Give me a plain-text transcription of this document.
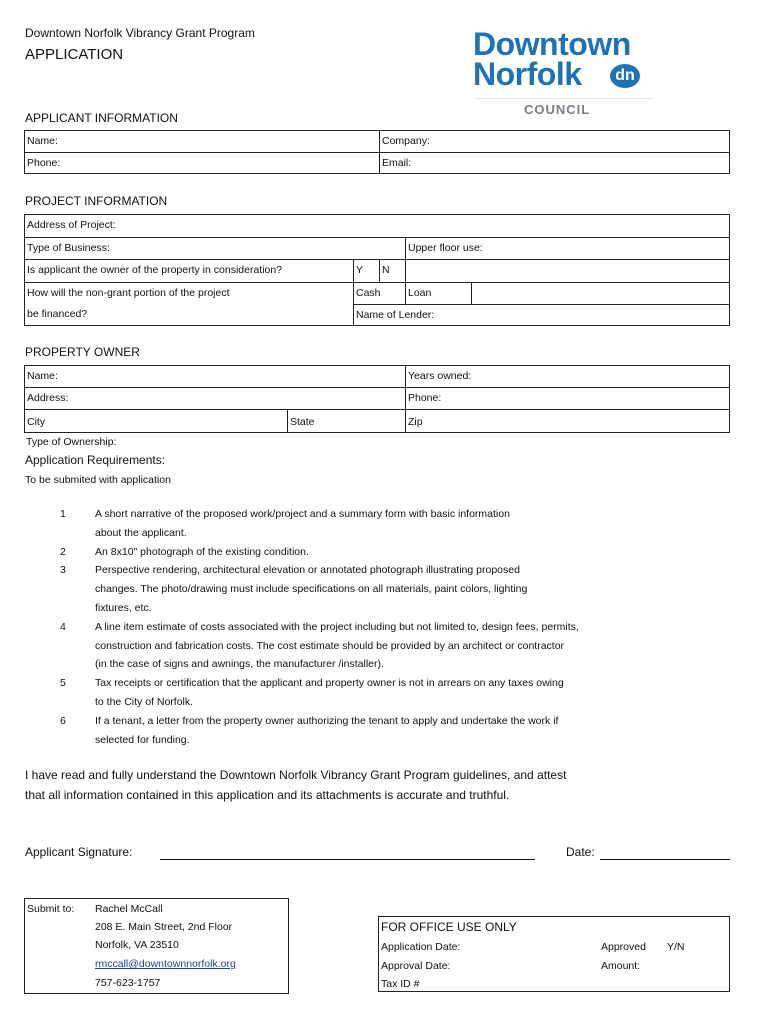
Downtown Norfolk Vibrancy Grant Program
APPLICATION	Downtown
Norfolk	dn
COUNCIL
APPLICANT INFORMATION
Name:	Company:
Phone:	Email:
PROJECT INFORMATION
Address of Project:
Type of Business:	Upper floor use:
Is applicant the owner of the property in consideration?	Y	N
How will the non-grant portion of the project	Cash	Loan
be financed?	Name of Lender:
PROPERTY OWNER
Name:	Years owned:
Address:	Phone:
City	State	Zip
Type of Ownership:
Application Requirements:
To be submited with application
1	A short narrative of the proposed work/project and a summary form with basic information
about the applicant.
2	An 8x10" photograph of the existing condition.
3	Perspective rendering, architectural elevation or annotated photograph illustrating proposed
changes. The photo/drawing must include specifications on all materials, paint colors, lighting
fixtures, etc.
4	A line item estimate of costs associated with the project including but not limited to, design fees, permits,
construction and fabrication costs. The cost estimate should be provided by an architect or contractor
(in the case of signs and awnings, the manufacturer /installer).
5	Tax receipts or certification that the applicant and property owner is not in arrears on any taxes owing
to the City of Norfolk.
6	If a tenant, a letter from the property owner authorizing the tenant to apply and undertake the work if
selected for funding.
I have read and fully understand the Downtown Norfolk Vibrancy Grant Program guidelines, and attest
that all information contained in this application and its attachments is accurate and truthful.
Applicant Signature:	Date:
Submit to: Rachel McCall
208 E. Main Street, 2nd Floor
Norfolk, VA 23510
rmccall@downtownnorfolk.org
757-623-1757
FOR OFFICE USE ONLY
Application Date:	Approved Y/N
Approval Date:	Amount:
Tax ID #
